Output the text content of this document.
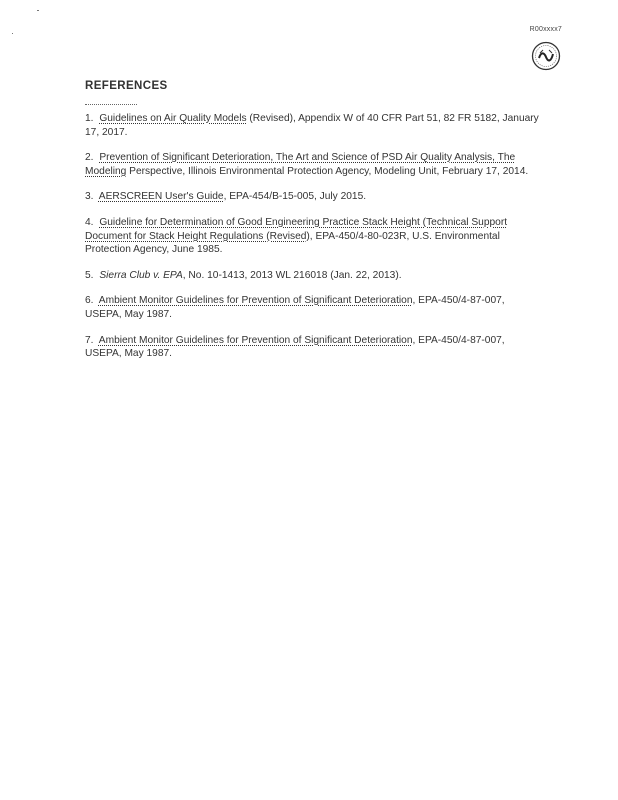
R00xxxx7
REFERENCES

1. Guidelines on Air Quality Models (Revised), Appendix W of 40 CFR Part 51, 82 FR 5182, January 17, 2017.

2. Prevention of Significant Deterioration, The Art and Science of PSD Air Quality Analysis, The Modeling Perspective, Illinois Environmental Protection Agency, Modeling Unit, February 17, 2014.

3. AERSCREEN User's Guide, EPA-454/B-15-005, July 2015.

4. Guideline for Determination of Good Engineering Practice Stack Height (Technical Support Document for Stack Height Regulations (Revised), EPA-450/4-80-023R, U.S. Environmental Protection Agency, June 1985.

5. Sierra Club v. EPA, No. 10-1413, 2013 WL 216018 (Jan. 22, 2013).

6. Ambient Monitor Guidelines for Prevention of Significant Deterioration, EPA-450/4-87-007, USEPA, May 1987.

7. Ambient Monitor Guidelines for Prevention of Significant Deterioration, EPA-450/4-87-007, USEPA, May 1987.
